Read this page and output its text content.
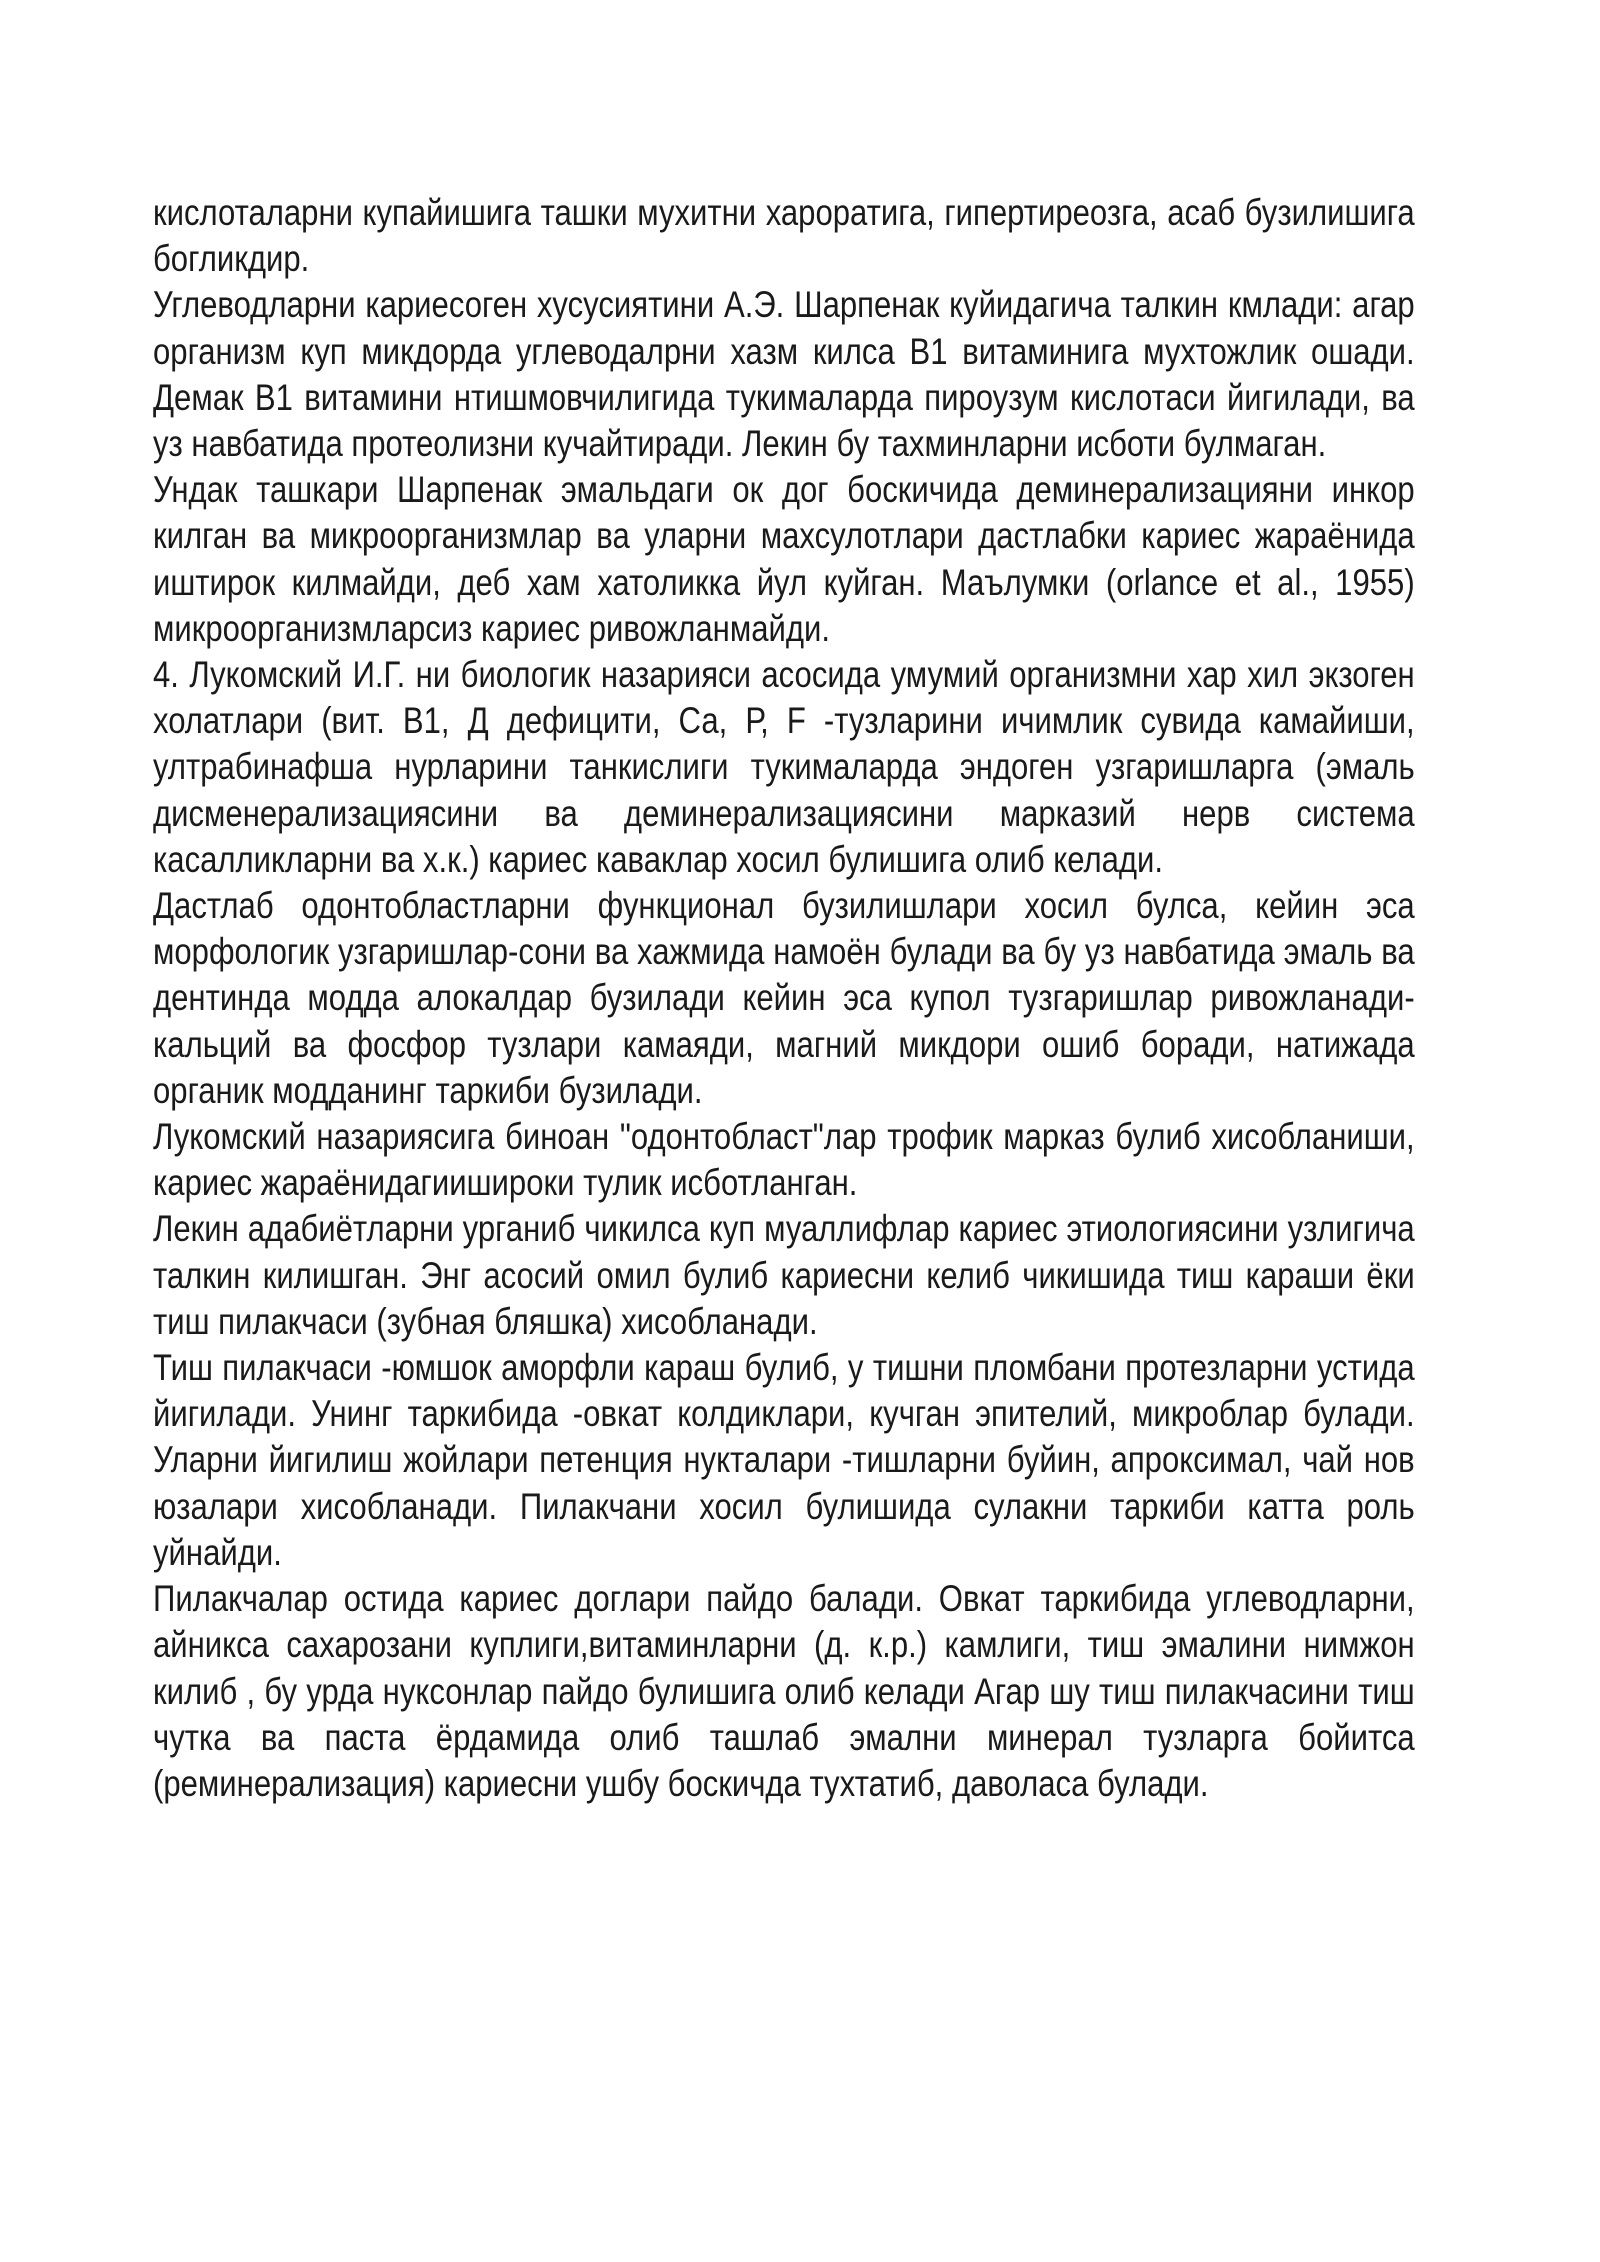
кислоталарни купайишига ташки мухитни хароратига, гипертиреозга, асаб бузилишига богликдир.

Углеводларни кариесоген хусусиятини А.Э. Шарпенак куйидагича талкин кмлади: агар организм куп микдорда углеводалрни хазм килса В1 витаминига мухтожлик ошади. Демак В1 витамини нтишмовчилигида тукималарда пироузум кислотаси йигилади, ва уз навбатида протеолизни кучайтиради. Лекин бу тахминларни исботи булмаган.

Ундак ташкари Шарпенак эмальдаги ок дог боскичида деминерализацияни инкор килган ва микроорганизмлар ва уларни махсулотлари дастлабки кариес жараёнида иштирок килмайди, деб хам хатоликка йул куйган. Маълумки (orlance et al., 1955) микроорганизмларсиз кариес ривожланмайди.

4. Лукомский И.Г. ни биологик назарияси асосида умумий организмни хар хил экзоген холатлари (вит. В1, Д дефицити, Са, Р, F -тузларини ичимлик сувида камайиши, ултрабинафша нурларини танкислиги тукималарда эндоген узгаришларга (эмаль дисменерализациясини ва деминерализациясини марказий нерв система касалликларни ва х.к.) кариес каваклар хосил булишига олиб келади.

Дастлаб одонтобластларни функционал бузилишлари хосил булса, кейин эса морфологик узгаришлар-сони ва хажмида намоён булади ва бу уз навбатида эмаль ва дентинда модда алокалдар бузилади кейин эса купол тузгаришлар ривожланади-кальций ва фосфор тузлари камаяди, магний микдори ошиб боради, натижада органик модданинг таркиби бузилади.

Лукомский назариясига биноан "одонтобласт"лар трофик марказ булиб хисобланиши, кариес жараёнидагиишироки тулик исботланган.

Лекин адабиётларни урганиб чикилса куп муаллифлар кариес этиологиясини узлигича талкин килишган. Энг асосий омил булиб кариесни келиб чикишида тиш караши ёки тиш пилакчаси (зубная бляшка) хисобланади.

Тиш пилакчаси -юмшок аморфли караш булиб, у тишни пломбани протезларни устида йигилади. Унинг таркибида -овкат колдиклари, кучган эпителий, микроблар булади. Уларни йигилиш жойлари петенция нукталари -тишларни буйин, апроксимал, чай нов юзалари хисобланади. Пилакчани хосил булишида сулакни таркиби катта роль уйнайди.

Пилакчалар остида кариес доглари пайдо балади. Овкат таркибида углеводларни, айникса сахарозани куплиги,витаминларни (д. к.р.) камлиги, тиш эмалини нимжон килиб , бу урда нуксонлар пайдо булишига олиб келади Агар шу тиш пилакчасини тиш чутка ва паста ёрдамида олиб ташлаб эмални минерал тузларга бойитса (реминерализация) кариесни ушбу боскичда тухтатиб, даволаса булади.
